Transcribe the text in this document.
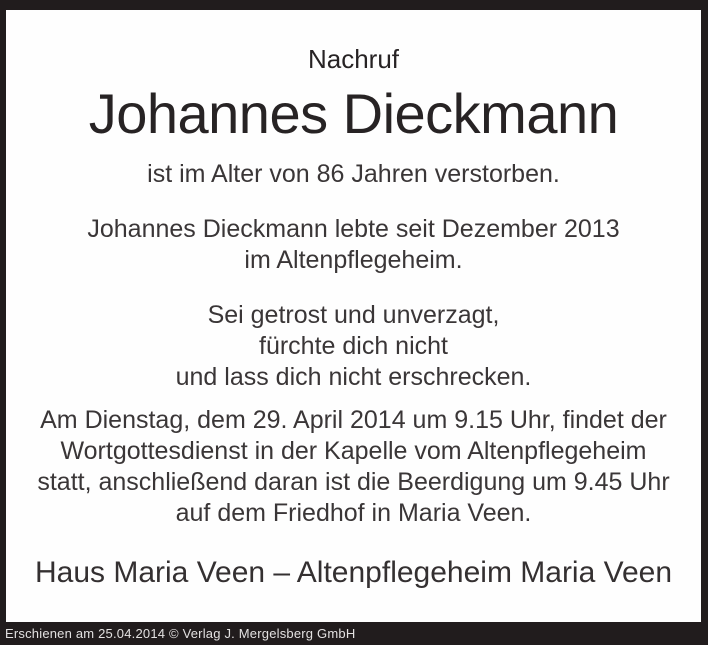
Nachruf
Johannes Dieckmann
ist im Alter von 86 Jahren verstorben.
Johannes Dieckmann lebte seit Dezember 2013
im Altenpflegeheim.
Sei getrost und unverzagt,
fürchte dich nicht
und lass dich nicht erschrecken.
Am Dienstag, dem 29. April 2014 um 9.15 Uhr, findet der
Wortgottesdienst in der Kapelle vom Altenpflegeheim
statt, anschließend daran ist die Beerdigung um 9.45 Uhr
auf dem Friedhof in Maria Veen.
Haus Maria Veen – Altenpflegeheim Maria Veen
Erschienen am 25.04.2014 © Verlag J. Mergelsberg GmbH
